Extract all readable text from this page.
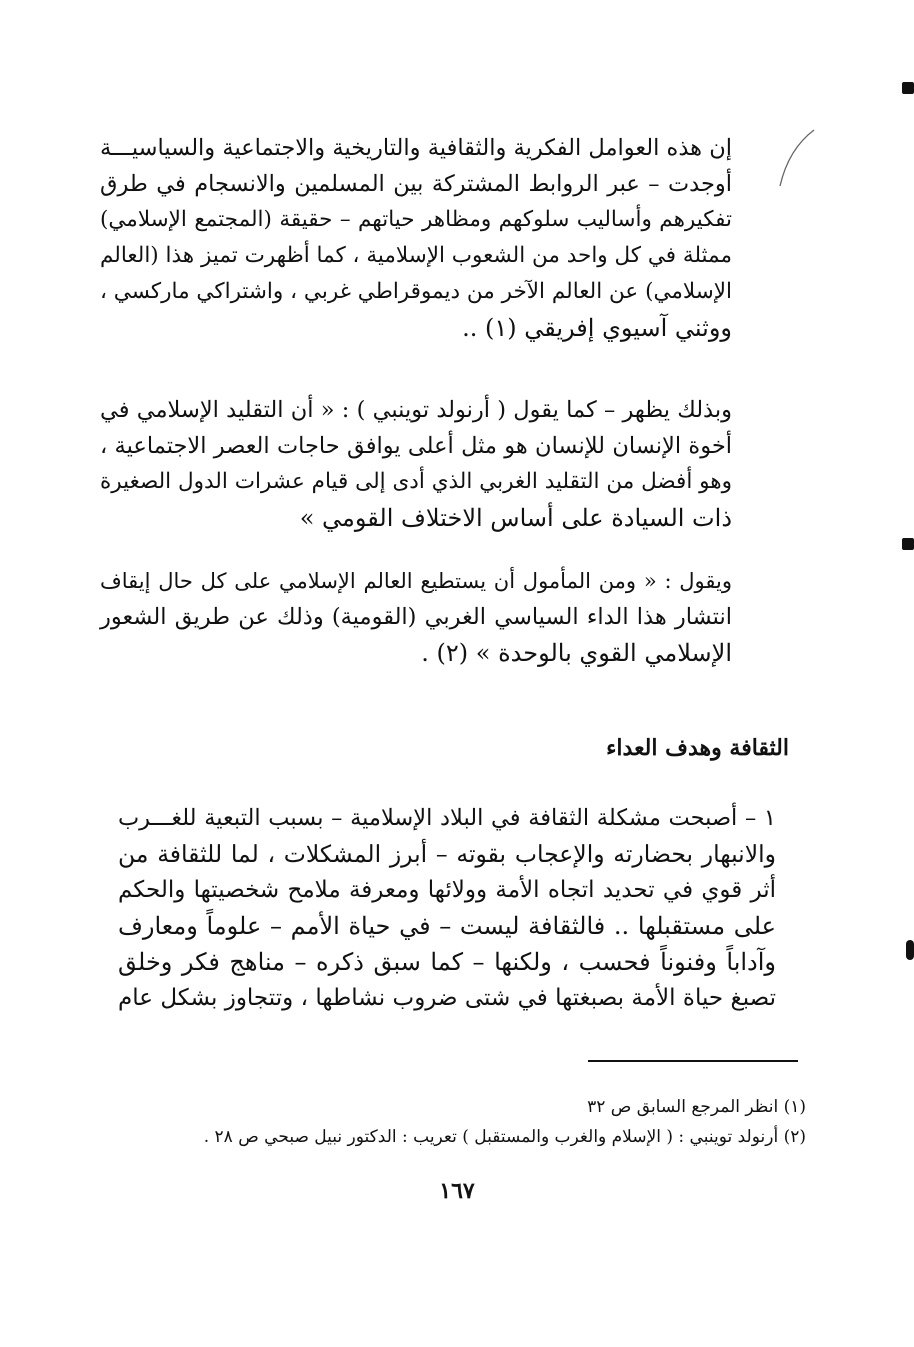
إن هذه العوامل الفكرية والثقافية والتاريخية والاجتماعية والسياسيـــة
أوجدت – عبر الروابط المشتركة بين المسلمين والانسجام في طرق
تفكيرهم وأساليب سلوكهم ومظاهر حياتهم – حقيقة (المجتمع الإسلامي)
ممثلة في كل واحد من الشعوب الإسلامية ، كما أظهرت تميز هذا (العالم
الإسلامي) عن العالم الآخر من ديموقراطي غربي ، واشتراكي ماركسي ،
ووثني آسيوي إفريقي (١) ..
وبذلك يظهر – كما يقول ( أرنولد توينبي ) : « أن التقليد الإسلامي في
أخوة الإنسان للإنسان هو مثل أعلى يوافق حاجات العصر الاجتماعية ،
وهو أفضل من التقليد الغربي الذي أدى إلى قيام عشرات الدول الصغيرة
ذات السيادة على أساس الاختلاف القومي »
ويقول : « ومن المأمول أن يستطيع العالم الإسلامي على كل حال إيقاف
انتشار هذا الداء السياسي الغربي (القومية) وذلك عن طريق الشعور
الإسلامي القوي بالوحدة » (٢) .
الثقافة وهدف العداء
١ – أصبحت مشكلة الثقافة في البلاد الإسلامية – بسبب التبعية للغـــرب
والانبهار بحضارته والإعجاب بقوته – أبرز المشكلات ، لما للثقافة من
أثر قوي في تحديد اتجاه الأمة وولائها ومعرفة ملامح شخصيتها والحكم
على مستقبلها .. فالثقافة ليست – في حياة الأمم – علوماً ومعارف
وآداباً وفنوناً فحسب ، ولكنها – كما سبق ذكره – مناهج فكر وخلق
تصبغ حياة الأمة بصبغتها في شتى ضروب نشاطها ، وتتجاوز بشكل عام
(١) انظر المرجع السابق ص ٣٢
(٢) أرنولد توينبي : ( الإسلام والغرب والمستقبل ) تعريب : الدكتور نبيل صبحي ص ٢٨ .
١٦٧
